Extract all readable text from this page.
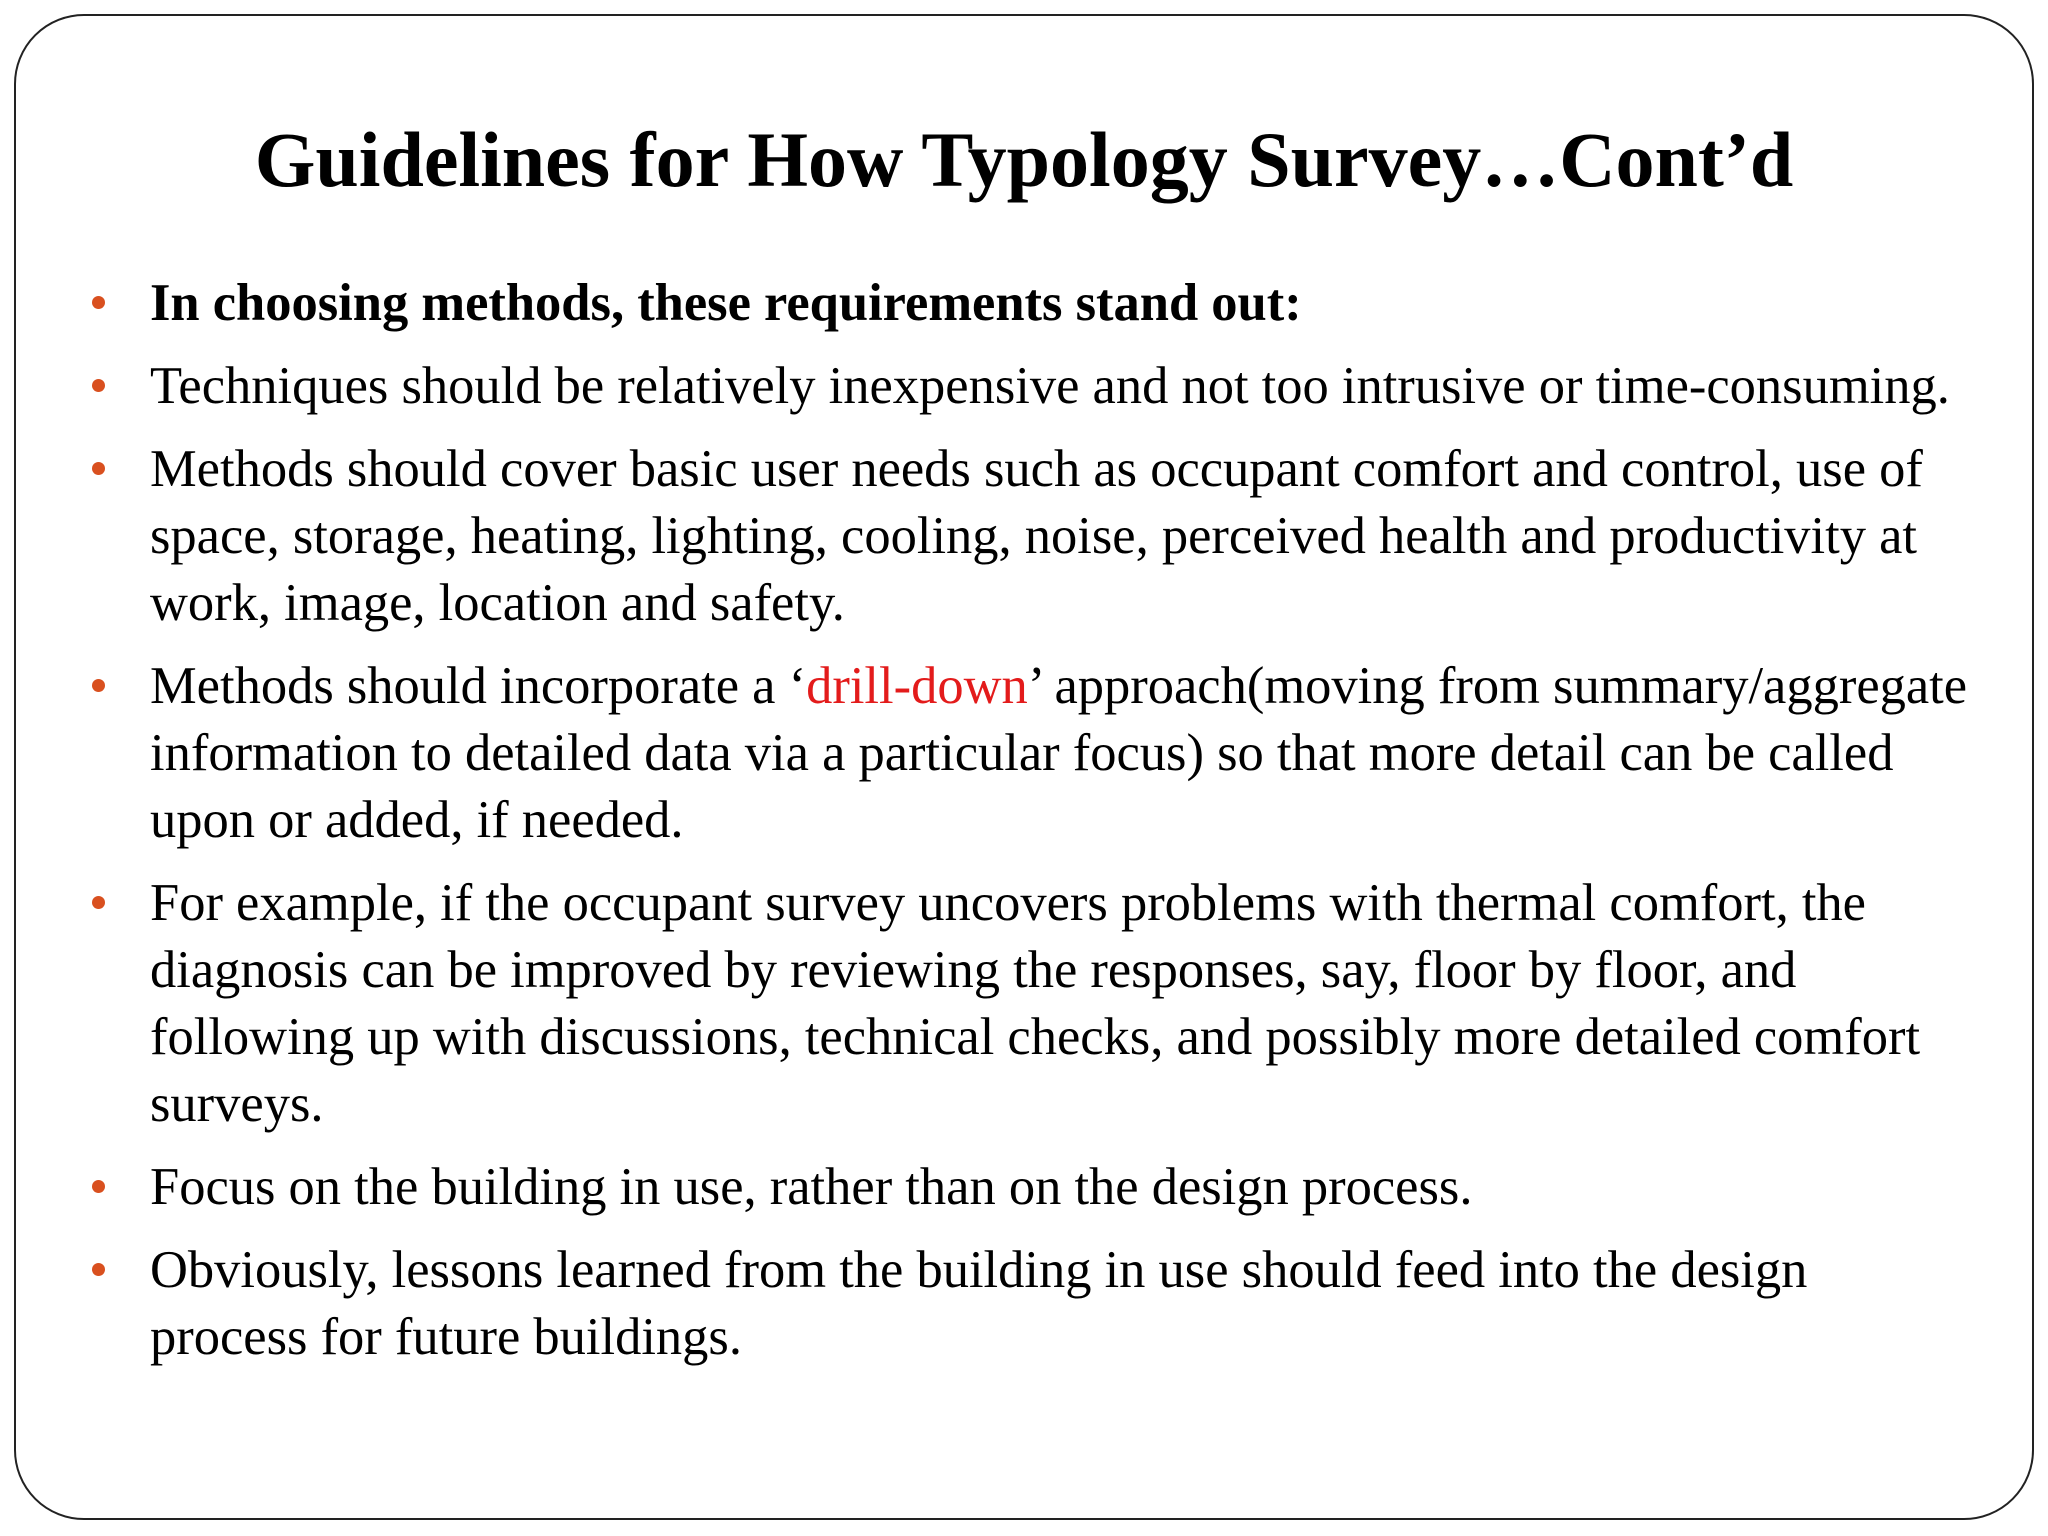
Guidelines for How Typology Survey…Cont’d
In choosing methods, these requirements stand out:
Techniques should be relatively inexpensive and not too intrusive or time-consuming.
Methods should cover basic user needs such as occupant comfort and control, use of space, storage, heating, lighting, cooling, noise, perceived health and productivity at work, image, location and safety.
Methods should incorporate a ‘drill-down’ approach(moving from summary/aggregate information to detailed data via a particular focus) so that more detail can be called upon or added, if needed.
For example, if the occupant survey uncovers problems with thermal comfort, the diagnosis can be improved by reviewing the responses, say, floor by floor, and following up with discussions, technical checks, and possibly more detailed comfort surveys.
Focus on the building in use, rather than on the design process.
Obviously, lessons learned from the building in use should feed into the design process for future buildings.
